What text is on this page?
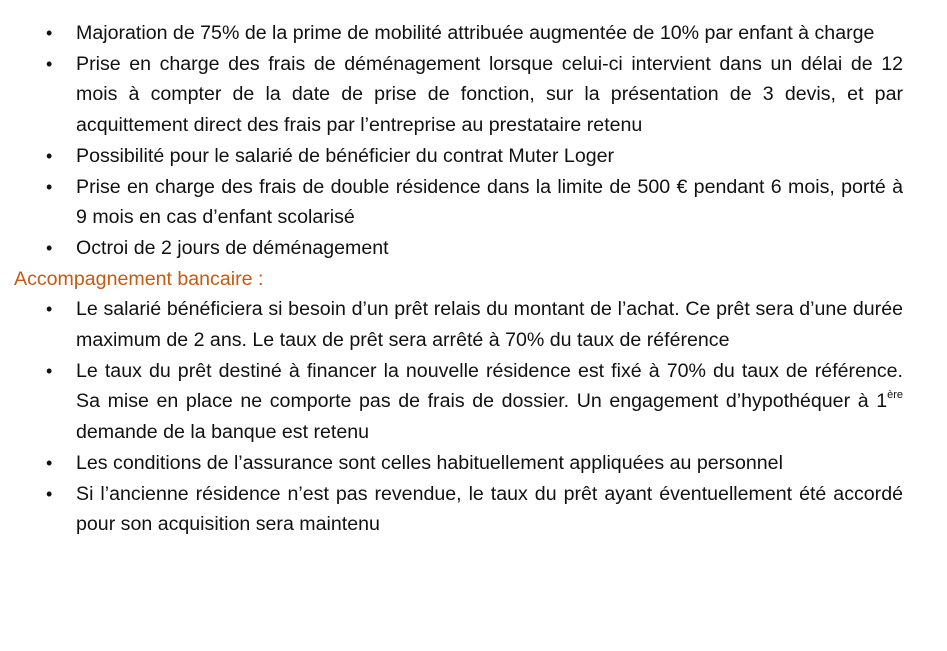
• Majoration de 75% de la prime de mobilité attribuée augmentée de 10% par enfant à charge
• Prise en charge des frais de déménagement lorsque celui-ci intervient dans un délai de 12 mois à compter de la date de prise de fonction, sur la présentation de 3 devis, et par acquittement direct des frais par l’entreprise au prestataire retenu
• Possibilité pour le salarié de bénéficier du contrat Muter Loger
• Prise en charge des frais de double résidence dans la limite de 500 € pendant 6 mois, porté à 9 mois en cas d’enfant scolarisé
• Octroi de 2 jours de déménagement

Accompagnement bancaire :

• Le salarié bénéficiera si besoin d’un prêt relais du montant de l’achat. Ce prêt sera d’une durée maximum de 2 ans. Le taux de prêt sera arrêté à 70% du taux de référence
• Le taux du prêt destiné à financer la nouvelle résidence est fixé à 70% du taux de référence. Sa mise en place ne comporte pas de frais de dossier. Un engagement d’hypothéquer à 1ère demande de la banque est retenu
• Les conditions de l’assurance sont celles habituellement appliquées au personnel
• Si l’ancienne résidence n’est pas revendue, le taux du prêt ayant éventuellement été accordé pour son acquisition sera maintenu
